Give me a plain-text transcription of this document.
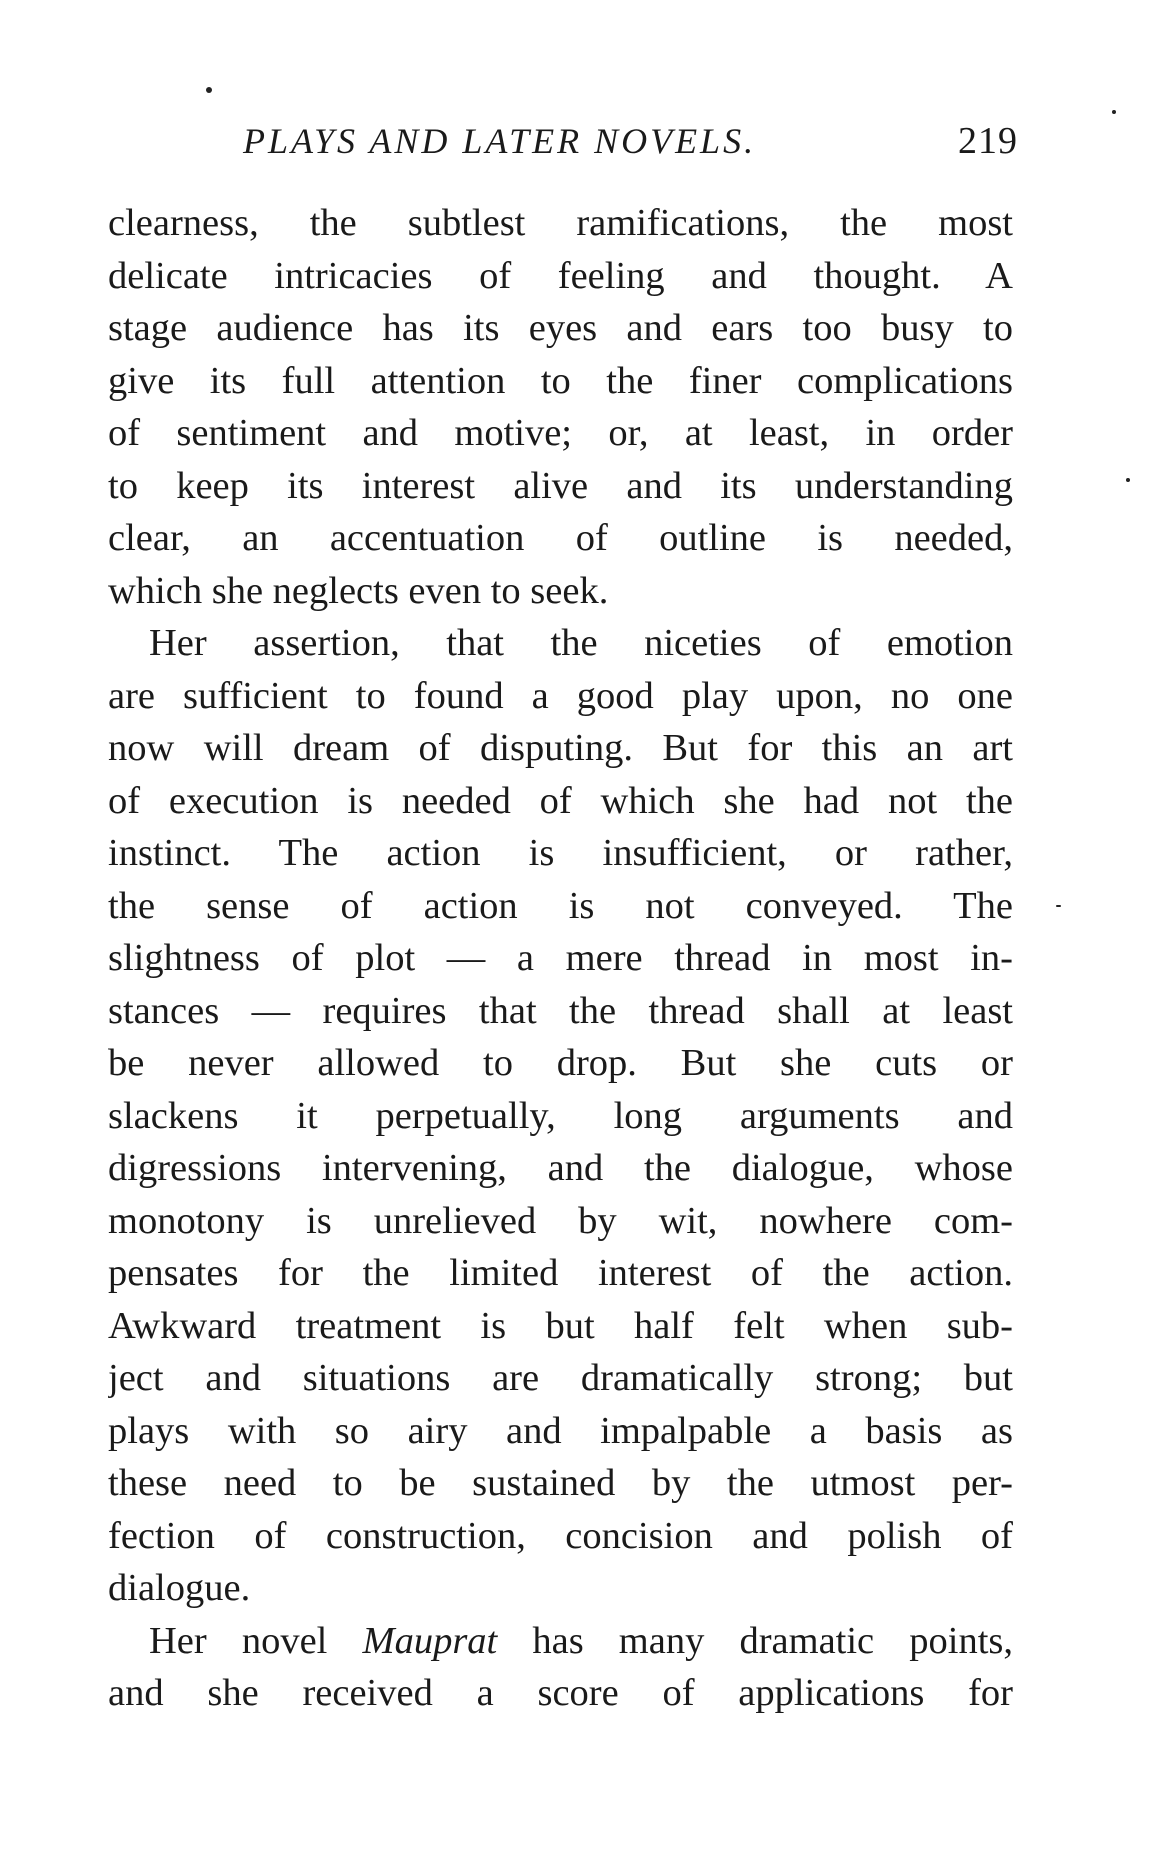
PLAYS AND LATER NOVELS.	219
clearness, the subtlest ramifications, the most
delicate intricacies of feeling and thought. A
stage audience has its eyes and ears too busy to
give its full attention to the finer complications
of sentiment and motive; or, at least, in order
to keep its interest alive and its understanding
clear, an accentuation of outline is needed,
which she neglects even to seek.
Her assertion, that the niceties of emotion
are sufficient to found a good play upon, no one
now will dream of disputing. But for this an art
of execution is needed of which she had not the
instinct. The action is insufficient, or rather,
the sense of action is not conveyed. The
slightness of plot — a mere thread in most in-
stances — requires that the thread shall at least
be never allowed to drop. But she cuts or
slackens it perpetually, long arguments and
digressions intervening, and the dialogue, whose
monotony is unrelieved by wit, nowhere com-
pensates for the limited interest of the action.
Awkward treatment is but half felt when sub-
ject and situations are dramatically strong; but
plays with so airy and impalpable a basis as
these need to be sustained by the utmost per-
fection of construction, concision and polish of
dialogue.
Her novel Mauprat has many dramatic points,
and she received a score of applications for
